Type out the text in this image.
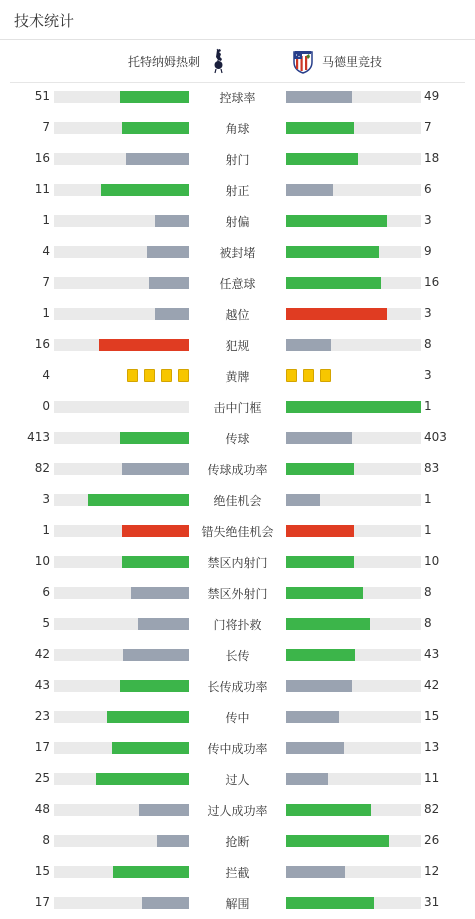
技术统计
托特纳姆热刺	马德里竞技
51	控球率	49
7	角球	7
16	射门	18
11	射正	6
1	射偏	3
4	被封堵	9
7	任意球	16
1	越位	3
16	犯规	8
4	黄牌	3
0	击中门框	1
413	传球	403
82	传球成功率	83
3	绝佳机会	1
1	错失绝佳机会	1
10	禁区内射门	10
6	禁区外射门	8
5	门将扑救	8
42	长传	43
43	长传成功率	42
23	传中	15
17	传中成功率	13
25	过人	11
48	过人成功率	82
8	抢断	26
15	拦截	12
17	解围	31
